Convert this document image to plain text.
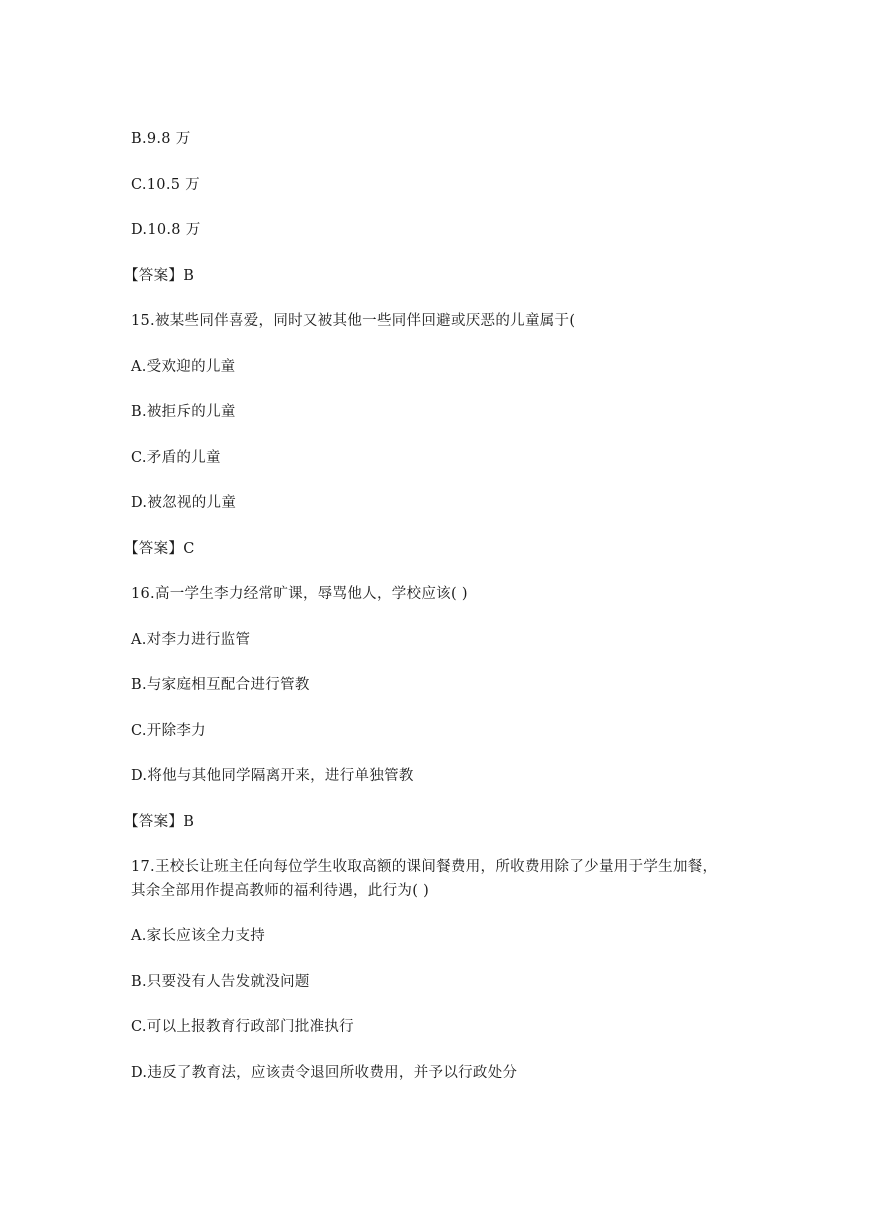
B.9.8 万
C.10.5 万
D.10.8 万
【答案】B
15.被某些同伴喜爱，同时又被其他一些同伴回避或厌恶的儿童属于(
A.受欢迎的儿童
B.被拒斥的儿童
C.矛盾的儿童
D.被忽视的儿童
【答案】C
16.高一学生李力经常旷课，辱骂他人，学校应该( )
A.对李力进行监管
B.与家庭相互配合进行管教
C.开除李力
D.将他与其他同学隔离开来，进行单独管教
【答案】B
17.王校长让班主任向每位学生收取高额的课间餐费用，所收费用除了少量用于学生加餐，
其余全部用作提高教师的福利待遇，此行为( )
A.家长应该全力支持
B.只要没有人告发就没问题
C.可以上报教育行政部门批准执行
D.违反了教育法，应该责令退回所收费用，并予以行政处分
